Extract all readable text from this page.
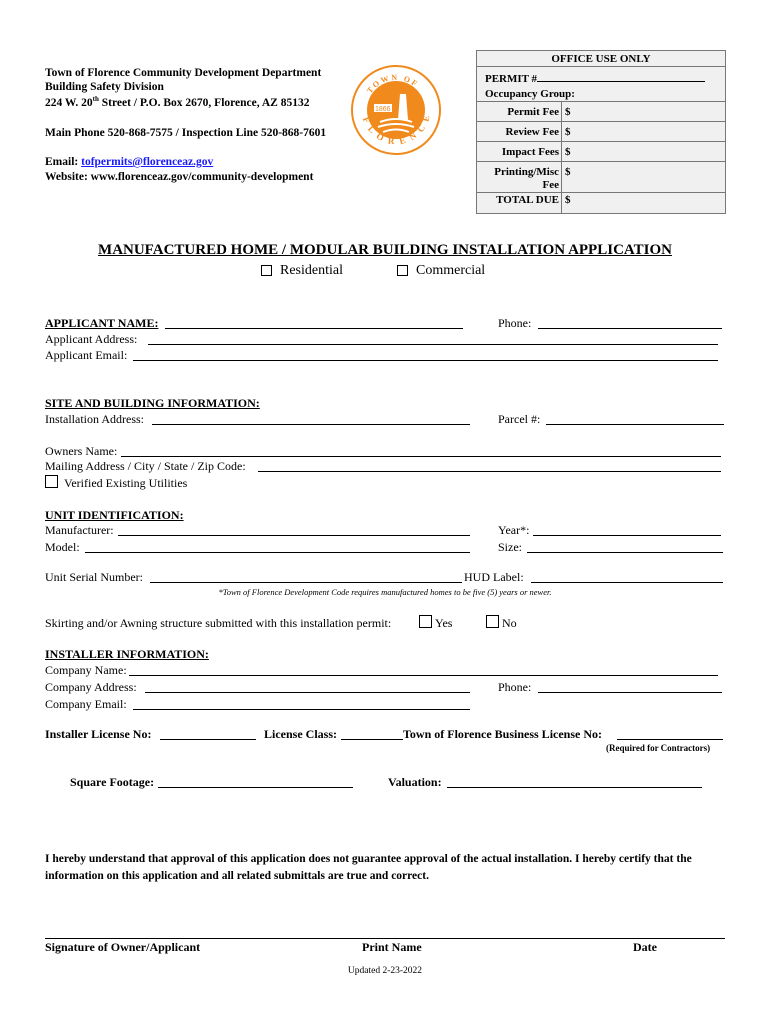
Town of Florence Community Development Department
Building Safety Division
224 W. 20th Street / P.O. Box 2670, Florence, AZ 85132
Main Phone 520-868-7575 / Inspection Line 520-868-7601
Email: tofpermits@florenceaz.gov
Website: www.florenceaz.gov/community-development
TOWN OF
FLORENCE
1866
OFFICE USE ONLY
PERMIT #
Occupancy Group:
Permit Fee $
Review Fee $
Impact Fees $
Printing/Misc $
Fee
TOTAL DUE $
MANUFACTURED HOME / MODULAR BUILDING INSTALLATION APPLICATION
Residential	Commercial
APPLICANT NAME:	Phone:
Applicant Address:
Applicant Email:
SITE AND BUILDING INFORMATION:
Installation Address:	Parcel #:
Owners Name:
Mailing Address / City / State / Zip Code:
Verified Existing Utilities
UNIT IDENTIFICATION:
Manufacturer:	Year*:
Model:	Size:
Unit Serial Number:	HUD Label:
*Town of Florence Development Code requires manufactured homes to be five (5) years or newer.
Skirting and/or Awning structure submitted with this installation permit:	Yes	No
INSTALLER INFORMATION:
Company Name:
Company Address:	Phone:
Company Email:
Installer License No:	License Class:	Town of Florence Business License No:
(Required for Contractors)
Square Footage:	Valuation:
I hereby understand that approval of this application does not guarantee approval of the actual installation. I hereby certify that the information on this application and all related submittals are true and correct.
Signature of Owner/Applicant	Print Name	Date
Updated 2-23-2022
